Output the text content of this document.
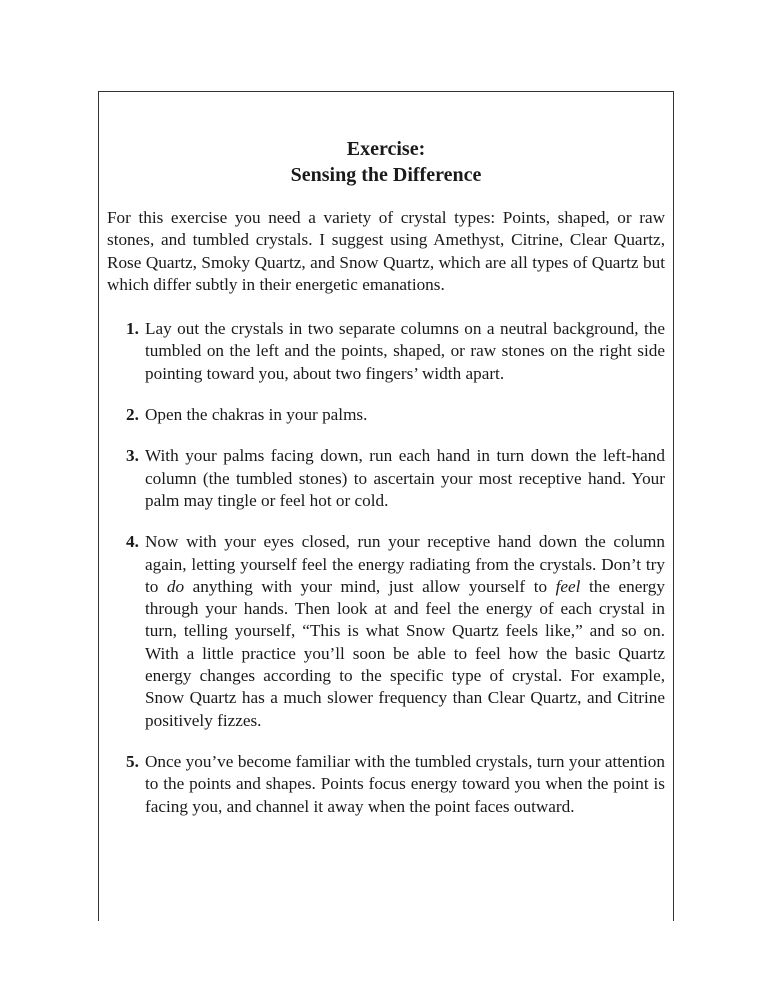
Exercise:
Sensing the Difference

For this exercise you need a variety of crystal types: Points, shaped, or raw stones, and tumbled crystals. I suggest using Amethyst, Citrine, Clear Quartz, Rose Quartz, Smoky Quartz, and Snow Quartz, which are all types of Quartz but which differ subtly in their energetic emanations.

1. Lay out the crystals in two separate columns on a neutral background, the tumbled on the left and the points, shaped, or raw stones on the right side pointing toward you, about two fingers’ width apart.
2. Open the chakras in your palms.
3. With your palms facing down, run each hand in turn down the left-hand column (the tumbled stones) to ascertain your most receptive hand. Your palm may tingle or feel hot or cold.
4. Now with your eyes closed, run your receptive hand down the column again, letting yourself feel the energy radiating from the crystals. Don’t try to do anything with your mind, just allow yourself to feel the energy through your hands. Then look at and feel the energy of each crystal in turn, telling yourself, “This is what Snow Quartz feels like,” and so on. With a little practice you’ll soon be able to feel how the basic Quartz energy changes according to the specific type of crystal. For example, Snow Quartz has a much slower frequency than Clear Quartz, and Citrine positively fizzes.
5. Once you’ve become familiar with the tumbled crystals, turn your attention to the points and shapes. Points focus energy toward you when the point is facing you, and channel it away when the point faces outward.
